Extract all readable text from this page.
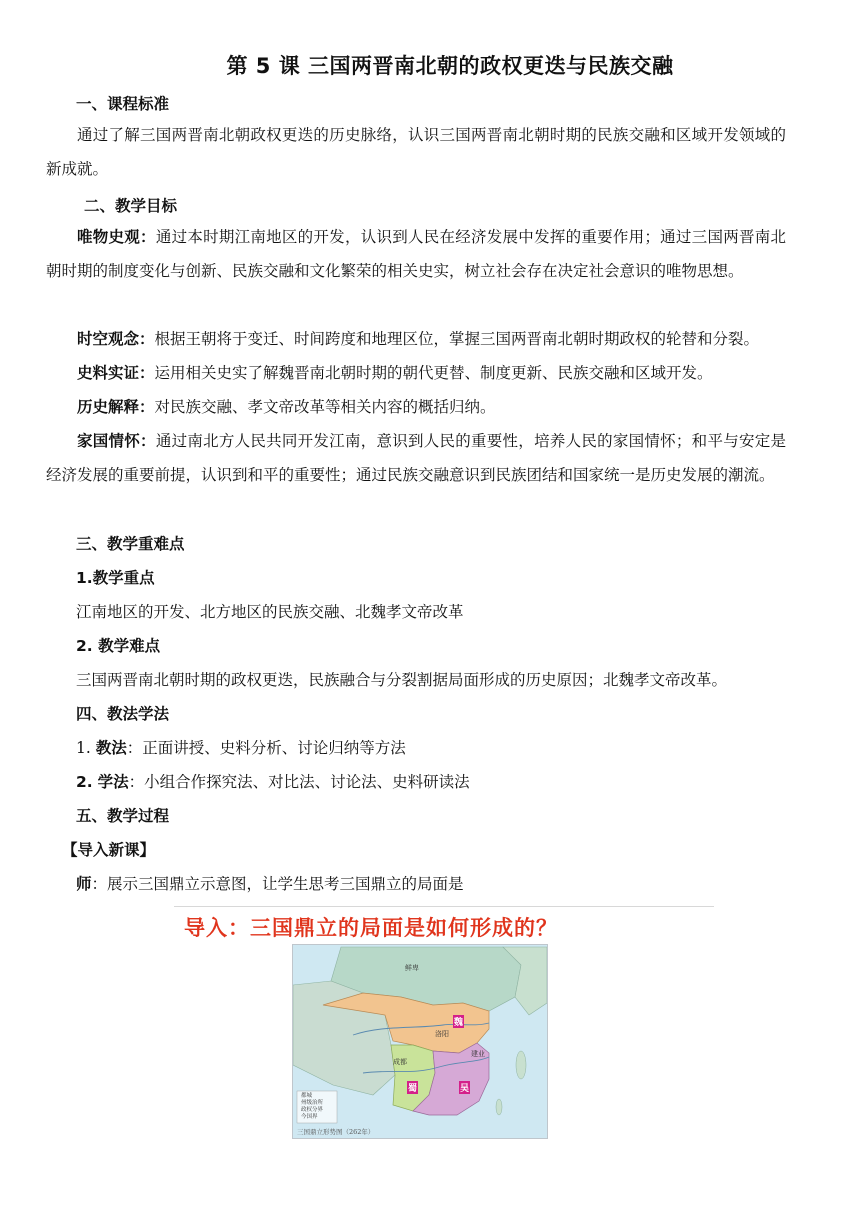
第 5 课 三国两晋南北朝的政权更迭与民族交融
一、课程标准
通过了解三国两晋南北朝政权更迭的历史脉络，认识三国两晋南北朝时期的民族交融和区域开发领域的新成就。
二、教学目标
唯物史观：通过本时期江南地区的开发，认识到人民在经济发展中发挥的重要作用；通过三国两晋南北朝时期的制度变化与创新、民族交融和文化繁荣的相关史实，树立社会存在决定社会意识的唯物思想。
时空观念：根据王朝将于变迁、时间跨度和地理区位，掌握三国两晋南北朝时期政权的轮替和分裂。
史料实证：运用相关史实了解魏晋南北朝时期的朝代更替、制度更新、民族交融和区域开发。
历史解释：对民族交融、孝文帝改革等相关内容的概括归纳。
家国情怀：通过南北方人民共同开发江南，意识到人民的重要性，培养人民的家国情怀；和平与安定是经济发展的重要前提，认识到和平的重要性；通过民族交融意识到民族团结和国家统一是历史发展的潮流。
三、教学重难点
1.教学重点
江南地区的开发、北方地区的民族交融、北魏孝文帝改革
2. 教学难点
三国两晋南北朝时期的政权更迭，民族融合与分裂割据局面形成的历史原因；北魏孝文帝改革。
四、教法学法
1. 教法：正面讲授、史料分析、讨论归纳等方法
2. 学法：小组合作探究法、对比法、讨论法、史料研读法
五、教学过程
【导入新课】
师：展示三国鼎立示意图，让学生思考三国鼎立的局面是
导入：三国鼎立的局面是如何形成的？
鲜卑
魏
蜀	吴
洛阳
成都
建业
都城
州级治所
政权分界
今国界
三国鼎立形势图（262年）
